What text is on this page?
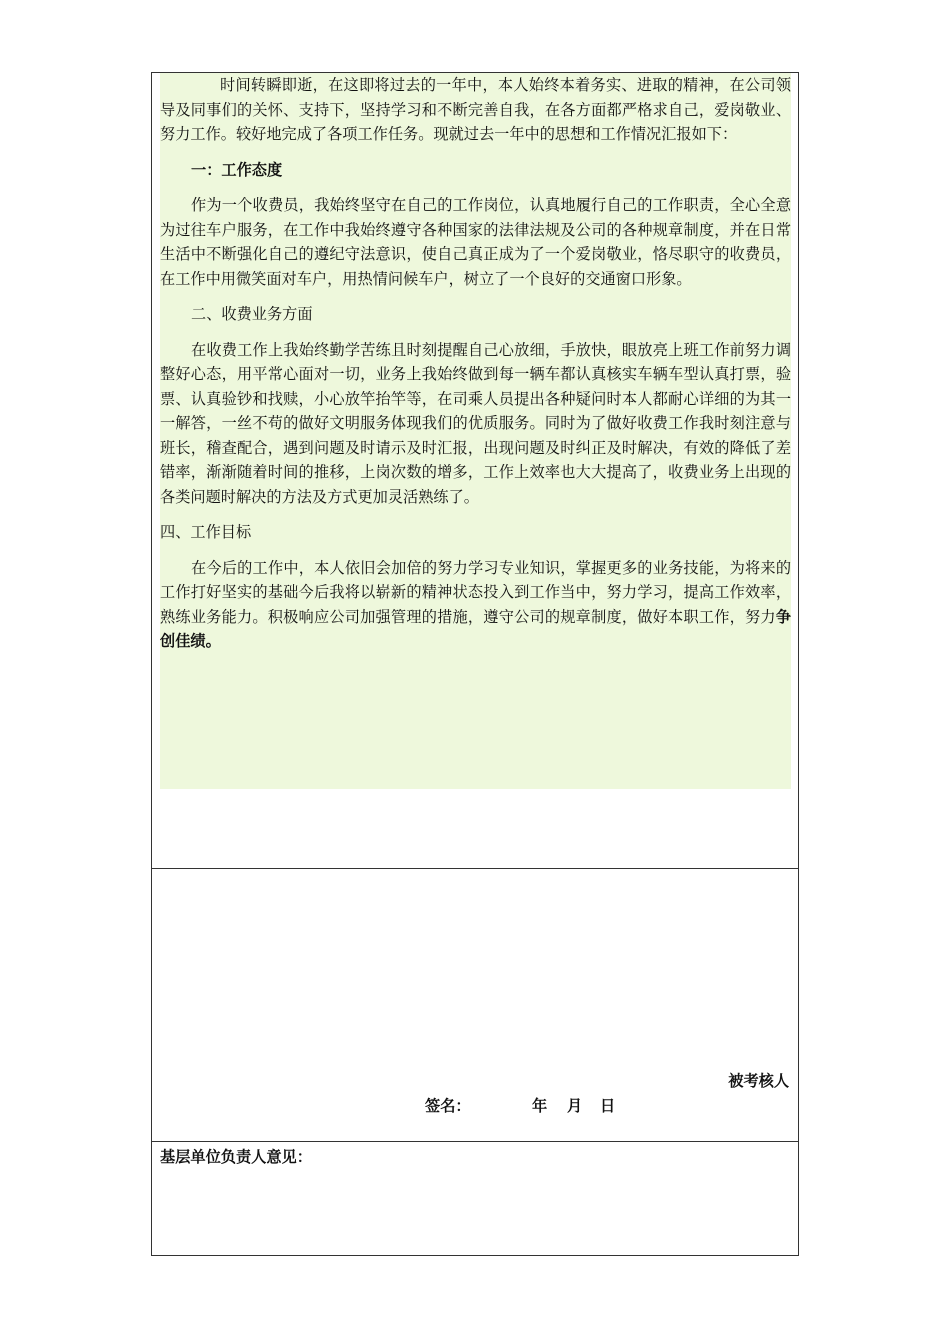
时间转瞬即逝，在这即将过去的一年中，本人始终本着务实、进取的精神，在公司领导及同事们的关怀、支持下，坚持学习和不断完善自我，在各方面都严格求自己，爱岗敬业、努力工作。较好地完成了各项工作任务。现就过去一年中的思想和工作情况汇报如下：

一：工作态度

作为一个收费员，我始终坚守在自己的工作岗位，认真地履行自己的工作职责，全心全意为过往车户服务，在工作中我始终遵守各种国家的法律法规及公司的各种规章制度，并在日常生活中不断强化自己的遵纪守法意识，使自己真正成为了一个爱岗敬业，恪尽职守的收费员，在工作中用微笑面对车户，用热情问候车户，树立了一个良好的交通窗口形象。

二、收费业务方面

在收费工作上我始终勤学苦练且时刻提醒自己心放细，手放快，眼放亮上班工作前努力调整好心态，用平常心面对一切，业务上我始终做到每一辆车都认真核实车辆车型认真打票，验票、认真验钞和找赎，小心放竿抬竿等，在司乘人员提出各种疑问时本人都耐心详细的为其一一解答，一丝不苟的做好文明服务体现我们的优质服务。同时为了做好收费工作我时刻注意与班长，稽查配合，遇到问题及时请示及时汇报，出现问题及时纠正及时解决，有效的降低了差错率，渐渐随着时间的推移，上岗次数的增多，工作上效率也大大提高了，收费业务上出现的各类问题时解决的方法及方式更加灵活熟练了。

四、工作目标

在今后的工作中，本人依旧会加倍的努力学习专业知识，掌握更多的业务技能，为将来的工作打好坚实的基础今后我将以崭新的精神状态投入到工作当中，努力学习，提高工作效率，熟练业务能力。积极响应公司加强管理的措施，遵守公司的规章制度，做好本职工作，努力争创佳绩。

被考核人
签名：	年 月 日
基层单位负责人意见：
